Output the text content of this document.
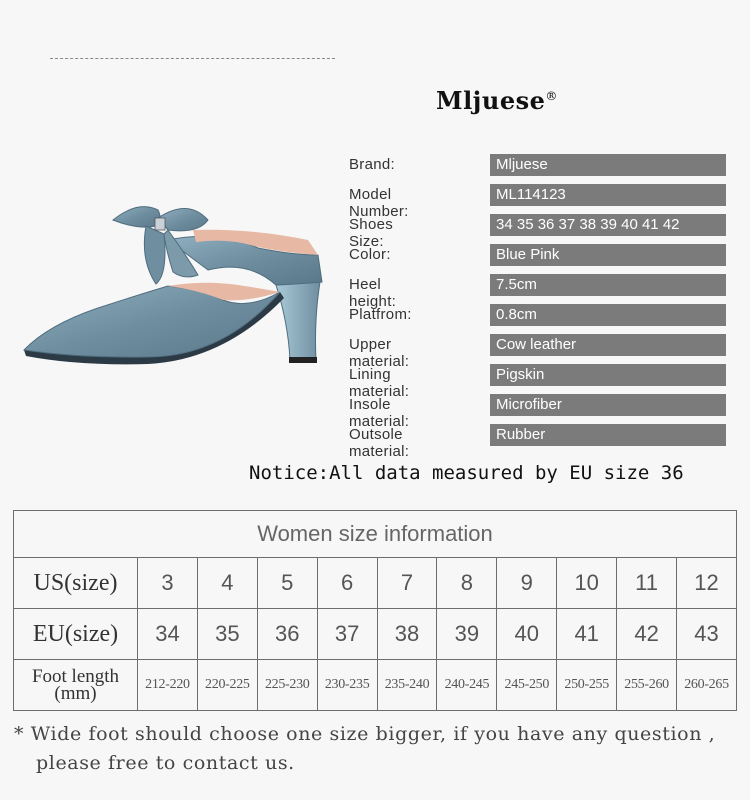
Mljuese®
Brand:	Mljuese
Model Number:
ML114123
Shoes Size:
34 35 36 37 38 39 40 41 42
Color:	Blue Pink
Heel height:
7.5cm
Platfrom:	0.8cm
Upper material:
Cow leather
Lining material:
Pigskin
Insole material:
Microfiber
Outsole material:
Rubber
Notice:All data measured by EU size 36
Women size information										
US(size)	3	4	5	6	7	8	9	10	11	12
EU(size)	34	35	36	37	38	39	40	41	42	43

Foot length
(mm)	212-220	220-225	225-230	230-235	235-240	240-245	245-250	250-255	255-260	260-265
* Wide foot should choose one size bigger, if you have any question ,
please free to contact us.
